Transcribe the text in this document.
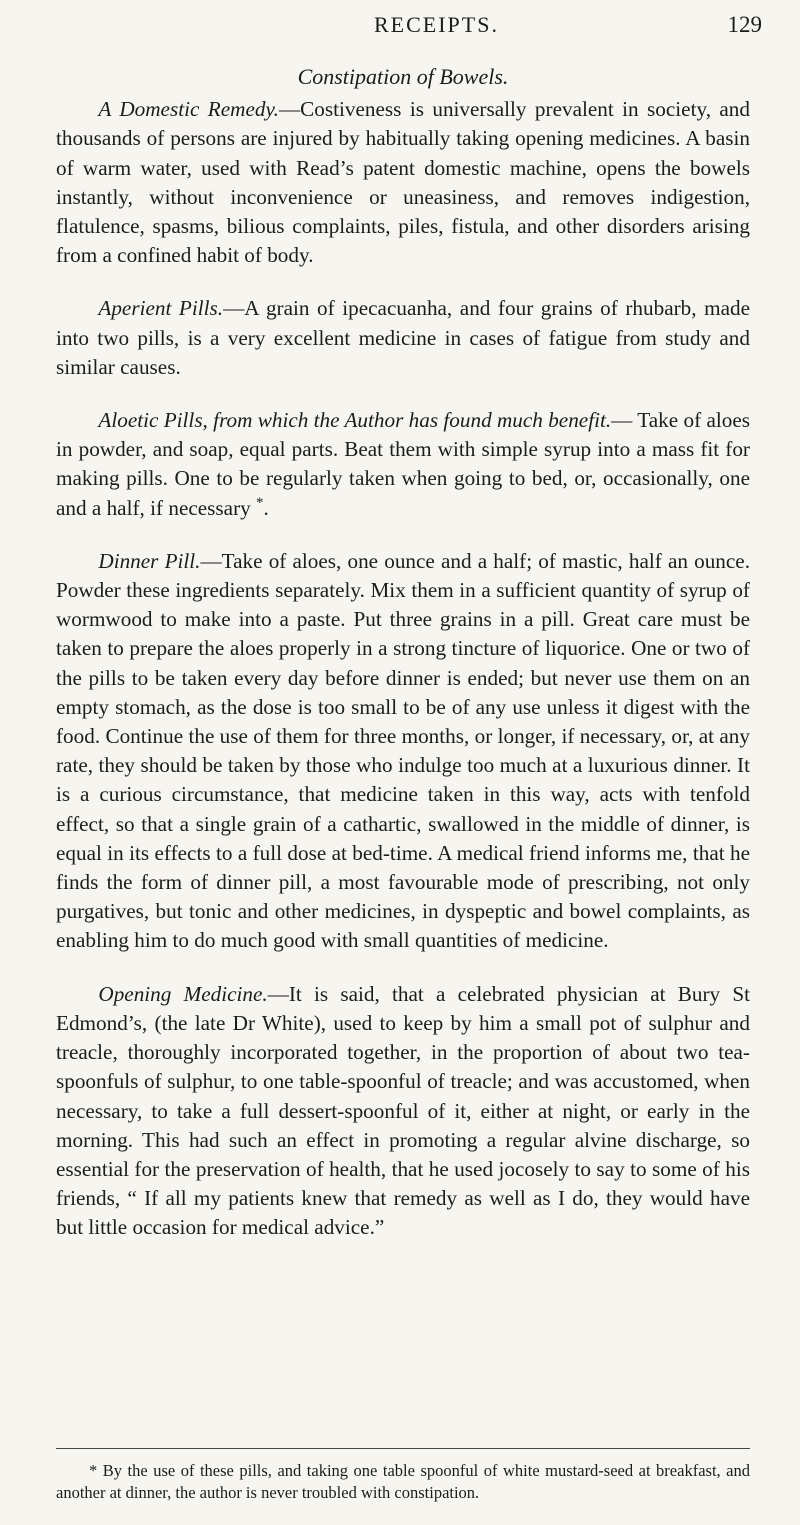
RECEIPTS.	129

Constipation of Bowels.

A Domestic Remedy.—Costiveness is universally prevalent in society, and thousands of persons are injured by habitually taking opening medicines. A basin of warm water, used with Read’s patent domestic machine, opens the bowels instantly, without inconvenience or uneasiness, and removes indigestion, flatulence, spasms, bilious complaints, piles, fistula, and other disorders arising from a confined habit of body.

Aperient Pills.—A grain of ipecacuanha, and four grains of rhubarb, made into two pills, is a very excellent medicine in cases of fatigue from study and similar causes.

Aloetic Pills, from which the Author has found much benefit.— Take of aloes in powder, and soap, equal parts. Beat them with simple syrup into a mass fit for making pills. One to be regularly taken when going to bed, or, occasionally, one and a half, if necessary *.

Dinner Pill.—Take of aloes, one ounce and a half; of mastic, half an ounce. Powder these ingredients separately. Mix them in a sufficient quantity of syrup of wormwood to make into a paste. Put three grains in a pill. Great care must be taken to prepare the aloes properly in a strong tincture of liquorice. One or two of the pills to be taken every day before dinner is ended; but never use them on an empty stomach, as the dose is too small to be of any use unless it digest with the food. Continue the use of them for three months, or longer, if necessary, or, at any rate, they should be taken by those who indulge too much at a luxurious dinner. It is a curious circumstance, that medicine taken in this way, acts with tenfold effect, so that a single grain of a cathartic, swallowed in the middle of dinner, is equal in its effects to a full dose at bed-time. A medical friend informs me, that he finds the form of dinner pill, a most favourable mode of prescribing, not only purgatives, but tonic and other medicines, in dyspeptic and bowel complaints, as enabling him to do much good with small quantities of medicine.

Opening Medicine.—It is said, that a celebrated physician at Bury St Edmond’s, (the late Dr White), used to keep by him a small pot of sulphur and treacle, thoroughly incorporated together, in the proportion of about two tea-spoonfuls of sulphur, to one table-spoonful of treacle; and was accustomed, when necessary, to take a full dessert-spoonful of it, either at night, or early in the morning. This had such an effect in promoting a regular alvine discharge, so essential for the preservation of health, that he used jocosely to say to some of his friends, “ If all my patients knew that remedy as well as I do, they would have but little occasion for medical advice.”

* By the use of these pills, and taking one table spoonful of white mustard-seed at breakfast, and another at dinner, the author is never troubled with constipation.
